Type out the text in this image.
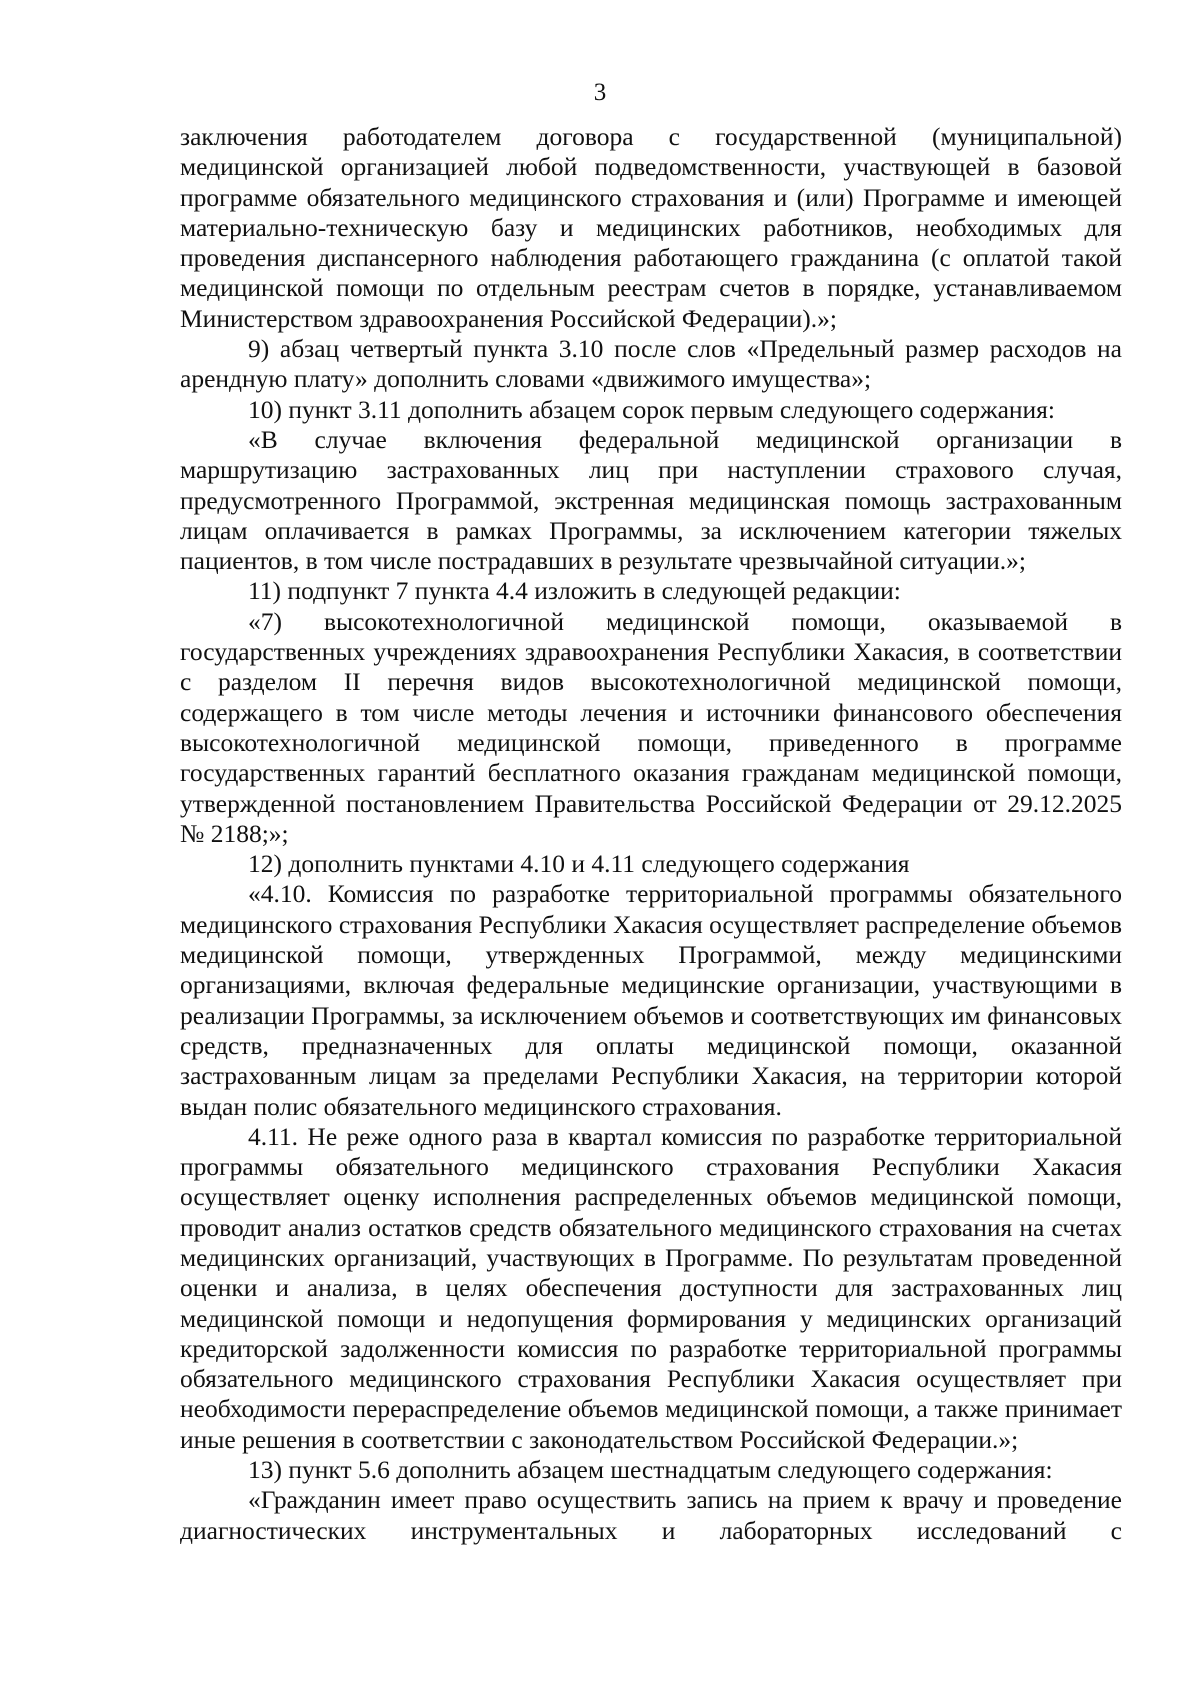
3

заключения работодателем договора с государственной (муниципальной) медицинской организацией любой подведомственности, участвующей в базовой программе обязательного медицинского страхования и (или) Программе и имеющей материально-техническую базу и медицинских работников, необходимых для проведения диспансерного наблюдения работающего гражданина (с оплатой такой медицинской помощи по отдельным реестрам счетов в порядке, устанавливаемом Министерством здравоохранения Российской Федерации).»;

9) абзац четвертый пункта 3.10 после слов «Предельный размер расходов на арендную плату» дополнить словами «движимого имущества»;

10) пункт 3.11 дополнить абзацем сорок первым следующего содержания:

«В случае включения федеральной медицинской организации в маршрутизацию застрахованных лиц при наступлении страхового случая, предусмотренного Программой, экстренная медицинская помощь застрахованным лицам оплачивается в рамках Программы, за исключением категории тяжелых пациентов, в том числе пострадавших в результате чрезвычайной ситуации.»;

11) подпункт 7 пункта 4.4 изложить в следующей редакции:

«7) высокотехнологичной медицинской помощи, оказываемой в государственных учреждениях здравоохранения Республики Хакасия, в соответствии с разделом II перечня видов высокотехнологичной медицинской помощи, содержащего в том числе методы лечения и источники финансового обеспечения высокотехнологичной медицинской помощи, приведенного в программе государственных гарантий бесплатного оказания гражданам медицинской помощи, утвержденной постановлением Правительства Российской Федерации от 29.12.2025 № 2188;»;

12) дополнить пунктами 4.10 и 4.11 следующего содержания

«4.10. Комиссия по разработке территориальной программы обязательного медицинского страхования Республики Хакасия осуществляет распределение объемов медицинской помощи, утвержденных Программой, между медицинскими организациями, включая федеральные медицинские организации, участвующими в реализации Программы, за исключением объемов и соответствующих им финансовых средств, предназначенных для оплаты медицинской помощи, оказанной застрахованным лицам за пределами Республики Хакасия, на территории которой выдан полис обязательного медицинского страхования.

4.11. Не реже одного раза в квартал комиссия по разработке территориальной программы обязательного медицинского страхования Республики Хакасия осуществляет оценку исполнения распределенных объемов медицинской помощи, проводит анализ остатков средств обязательного медицинского страхования на счетах медицинских организаций, участвующих в Программе. По результатам проведенной оценки и анализа, в целях обеспечения доступности для застрахованных лиц медицинской помощи и недопущения формирования у медицинских организаций кредиторской задолженности комиссия по разработке территориальной программы обязательного медицинского страхования Республики Хакасия осуществляет при необходимости перераспределение объемов медицинской помощи, а также принимает иные решения в соответствии с законодательством Российской Федерации.»;

13) пункт 5.6 дополнить абзацем шестнадцатым следующего содержания:

«Гражданин имеет право осуществить запись на прием к врачу и проведение диагностических инструментальных и лабораторных исследований с
